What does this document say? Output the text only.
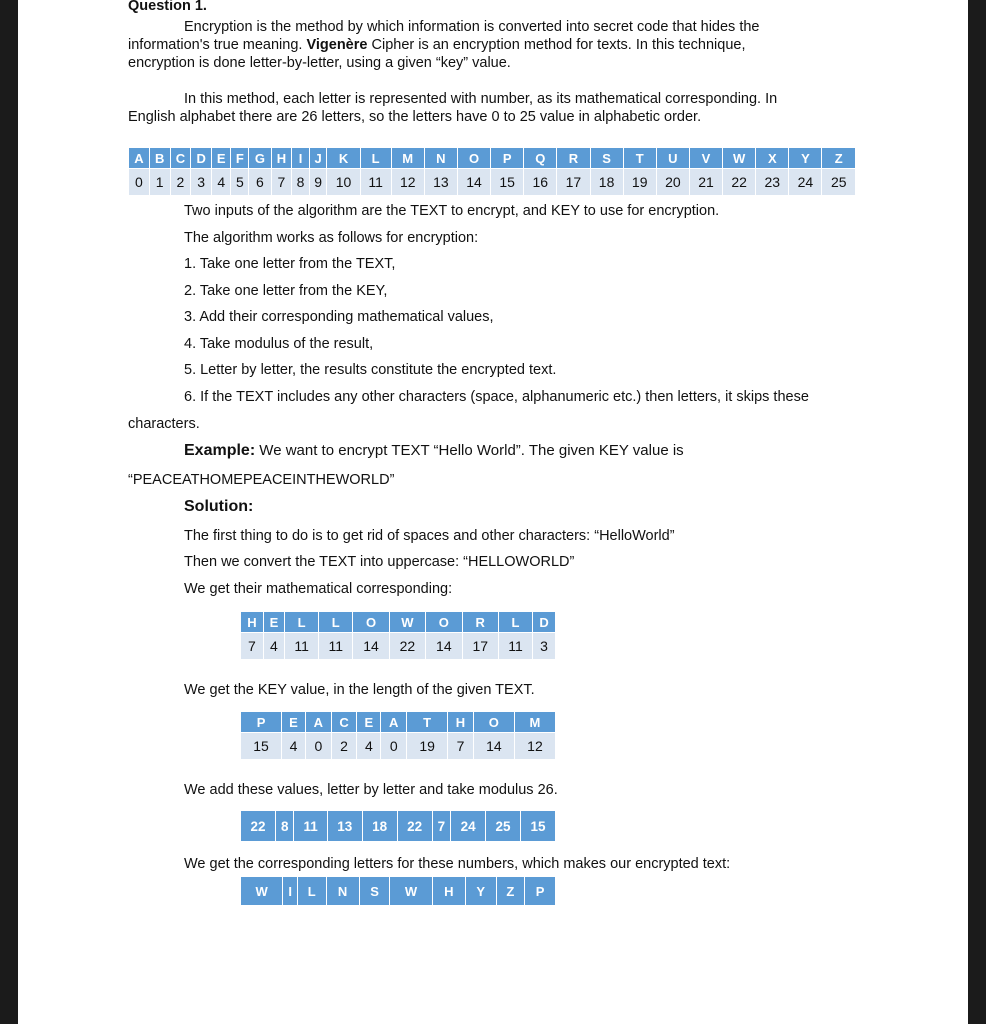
Question 1.
Encryption is the method by which information is converted into secret code that hides the
information's true meaning. Vigenère Cipher is an encryption method for texts. In this technique,
encryption is done letter-by-letter, using a given “key” value.
In this method, each letter is represented with number, as its mathematical corresponding. In
English alphabet there are 26 letters, so the letters have 0 to 25 value in alphabetic order.
A	B	C	D	E	F	G	H	I	J	K	L	M	N	O	P	Q	R	S	T	U	V	W	X	Y	Z
0	1	2	3	4	5	6	7	8	9	10	11	12	13	14	15	16	17	18	19	20	21	22	23	24	25
Two inputs of the algorithm are the TEXT to encrypt, and KEY to use for encryption.
The algorithm works as follows for encryption:
1. Take one letter from the TEXT,
2. Take one letter from the KEY,
3. Add their corresponding mathematical values,
4. Take modulus of the result,
5. Letter by letter, the results constitute the encrypted text.
6. If the TEXT includes any other characters (space, alphanumeric etc.) then letters, it skips these
characters.
Example: We want to encrypt TEXT “Hello World”. The given KEY value is
“PEACEATHOMEPEACEINTHEWORLD”
Solution:
The first thing to do is to get rid of spaces and other characters: “HelloWorld”
Then we convert the TEXT into uppercase: “HELLOWORLD”
We get their mathematical corresponding:
H	E	L	L	O	W	O	R	L	D
7	4	11	11	14	22	14	17	11	3
We get the KEY value, in the length of the given TEXT.
P	E	A	C	E	A	T	H	O	M
15	4	0	2	4	0	19	7	14	12
We add these values, letter by letter and take modulus 26.
22	8	11	13	18	22	7	24	25	15
We get the corresponding letters for these numbers, which makes our encrypted text:
W	I	L	N	S	W	H	Y	Z	P
